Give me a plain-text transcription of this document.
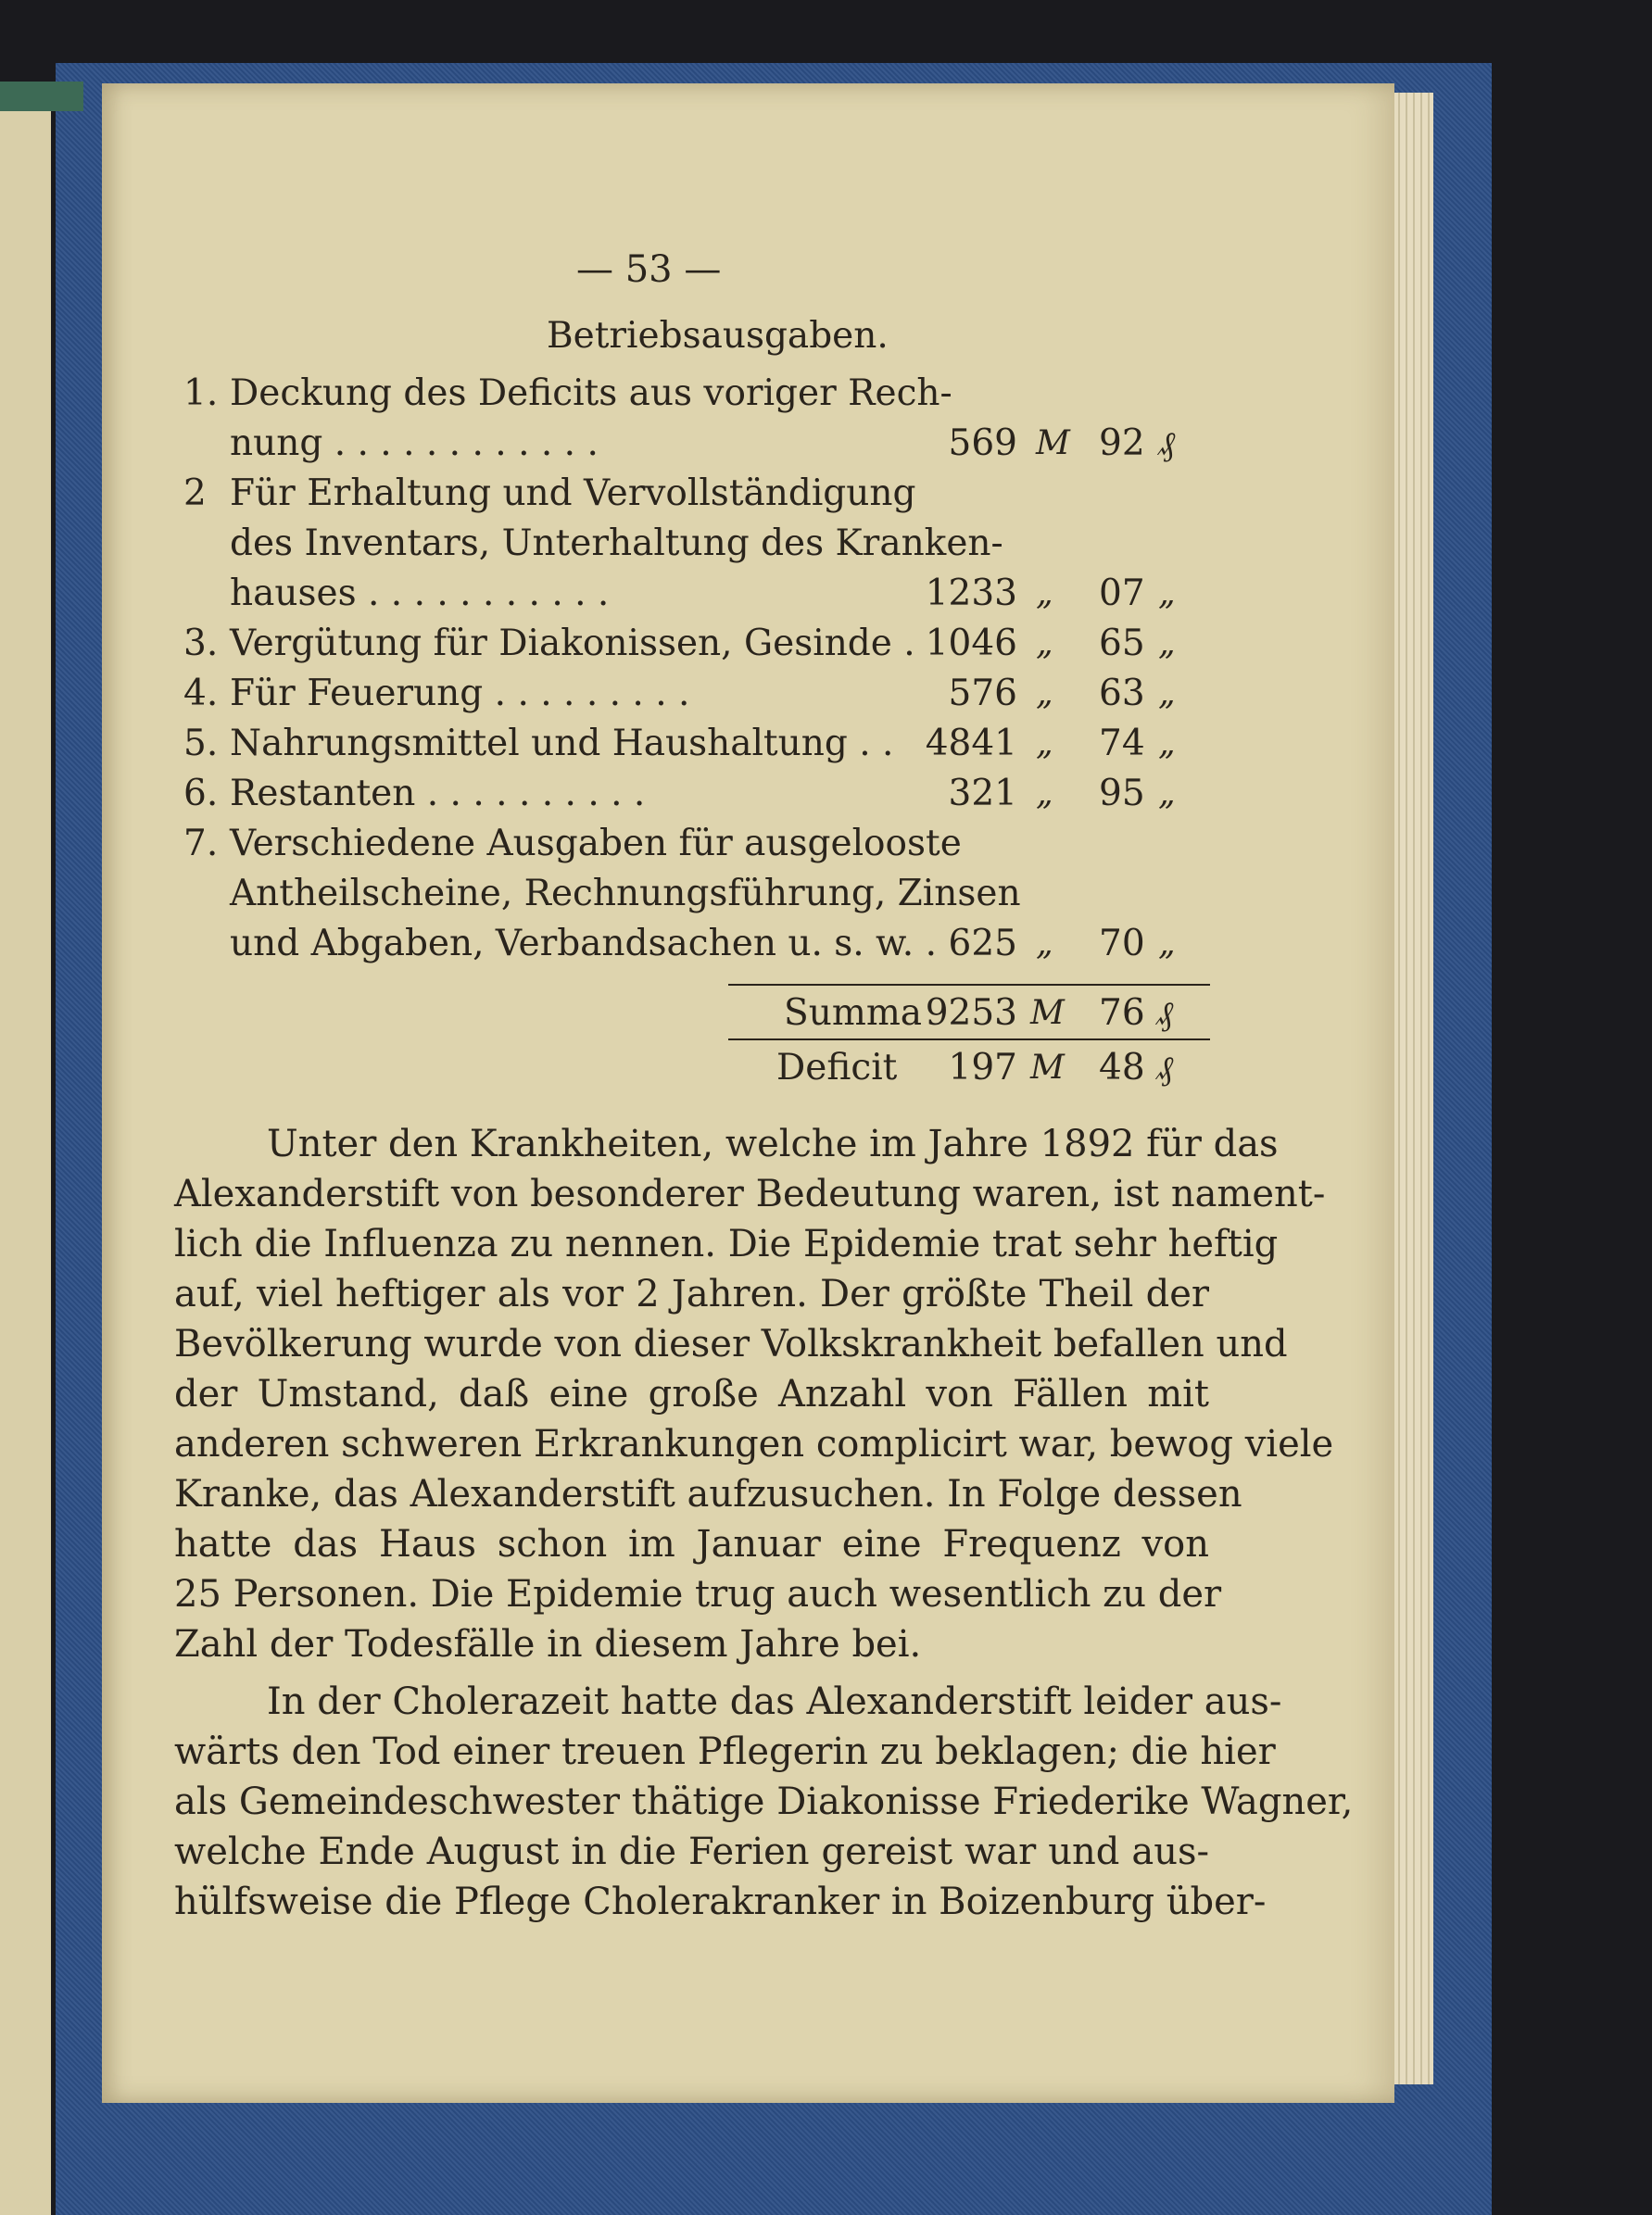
— 53 —
Betriebsausgaben.
1. Deckung des Deficits aus voriger Rech-
nung . . . . . . . . . . . .	569 M 92 ₰
2 Für Erhaltung und Vervollständigung
des Inventars, Unterhaltung des Kranken-
hauses . . . . . . . . . . .	1233 „ 07 „
3. Vergütung für Diakonissen, Gesinde . 1046 „ 65 „
4. Für Feuerung . . . . . . . . .	576 „ 63 „
5. Nahrungsmittel und Haushaltung . . 4841 „ 74 „
6. Restanten . . . . . . . . . .	321 „ 95 „
7. Verschiedene Ausgaben für ausgelooste
Antheilscheine, Rechnungsführung, Zinsen
und Abgaben, Verbandsachen u. s. w. . 625 „ 70 „
Summa 9253 M 76 ₰
Deficit	197 M 48 ₰
Unter den Krankheiten, welche im Jahre 1892 für das
Alexanderstift von besonderer Bedeutung waren, ist nament-
lich die Influenza zu nennen. Die Epidemie trat sehr heftig
auf, viel heftiger als vor 2 Jahren. Der größte Theil der
Bevölkerung wurde von dieser Volkskrankheit befallen und
der Umstand, daß eine große Anzahl von Fällen mit
anderen schweren Erkrankungen complicirt war, bewog viele
Kranke, das Alexanderstift aufzusuchen. In Folge dessen
hatte das Haus schon im Januar eine Frequenz von
25 Personen. Die Epidemie trug auch wesentlich zu der
Zahl der Todesfälle in diesem Jahre bei.
In der Cholerazeit hatte das Alexanderstift leider aus-
wärts den Tod einer treuen Pflegerin zu beklagen; die hier
als Gemeindeschwester thätige Diakonisse Friederike Wagner,
welche Ende August in die Ferien gereist war und aus-
hülfsweise die Pflege Cholerakranker in Boizenburg über-
